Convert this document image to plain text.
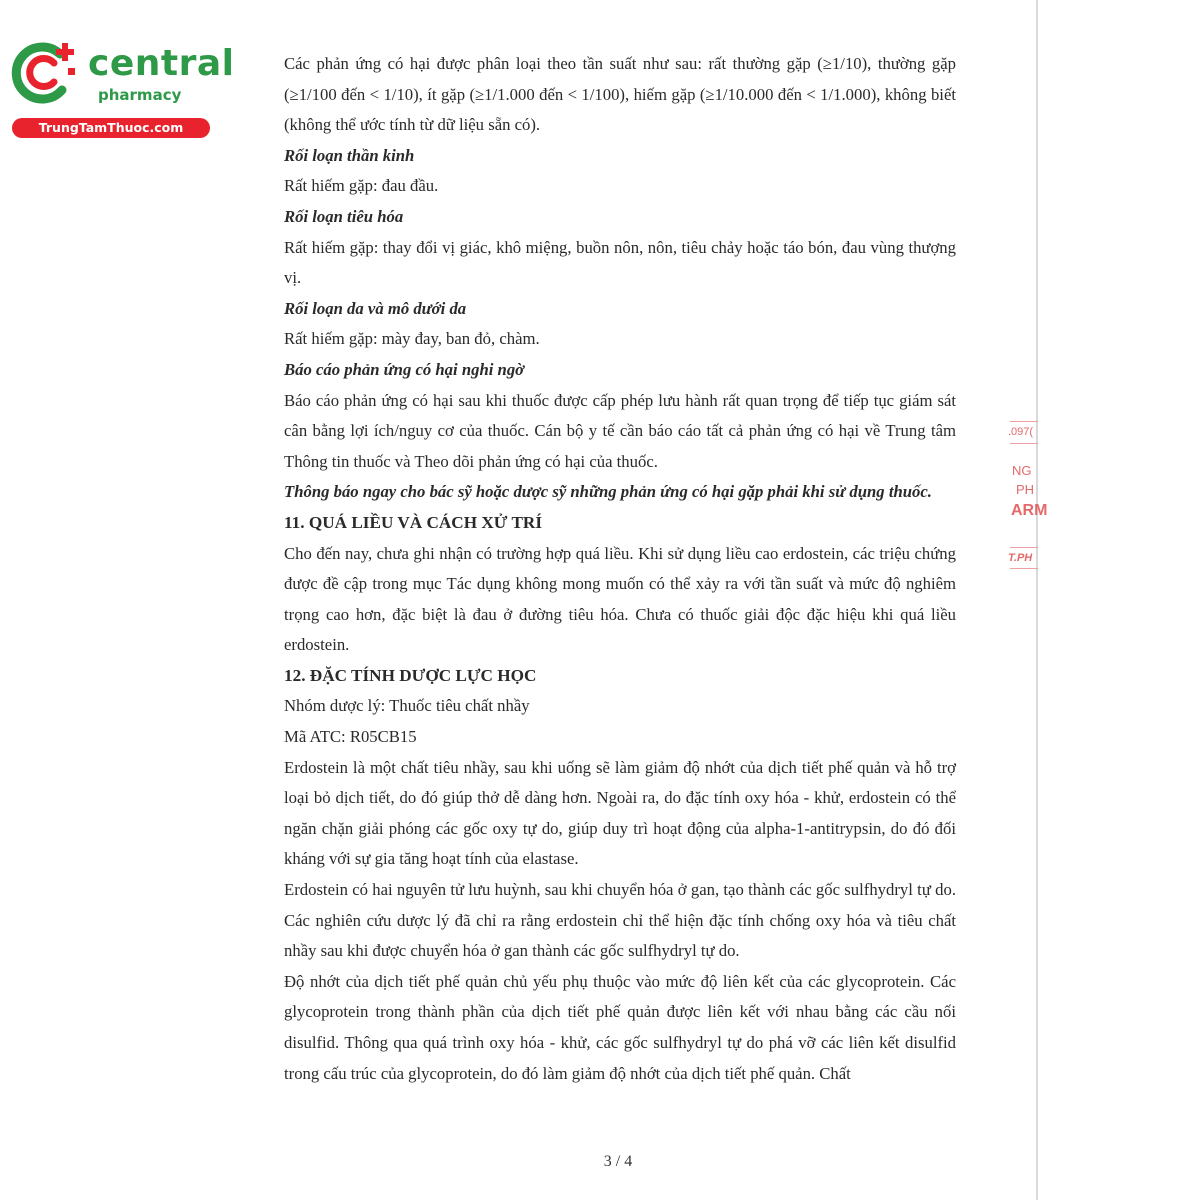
central
pharmacy
TrungTamThuoc.com
.097(
NG
PH
ARM
T.PH

Các phản ứng có hại được phân loại theo tần suất như sau: rất thường gặp (≥1/10), thường gặp (≥1/100 đến < 1/10), ít gặp (≥1/1.000 đến < 1/100), hiếm gặp (≥1/10.000 đến < 1/1.000), không biết (không thể ước tính từ dữ liệu sẵn có).

Rối loạn thần kinh

Rất hiếm gặp: đau đầu.

Rối loạn tiêu hóa

Rất hiếm gặp: thay đổi vị giác, khô miệng, buồn nôn, nôn, tiêu chảy hoặc táo bón, đau vùng thượng vị.

Rối loạn da và mô dưới da

Rất hiếm gặp: mày đay, ban đỏ, chàm.

Báo cáo phản ứng có hại nghi ngờ

Báo cáo phản ứng có hại sau khi thuốc được cấp phép lưu hành rất quan trọng để tiếp tục giám sát cân bằng lợi ích/nguy cơ của thuốc. Cán bộ y tế cần báo cáo tất cả phản ứng có hại về Trung tâm Thông tin thuốc và Theo dõi phản ứng có hại của thuốc.

Thông báo ngay cho bác sỹ hoặc dược sỹ những phản ứng có hại gặp phải khi sử dụng thuốc.

11. QUÁ LIỀU VÀ CÁCH XỬ TRÍ

Cho đến nay, chưa ghi nhận có trường hợp quá liều. Khi sử dụng liều cao erdostein, các triệu chứng được đề cập trong mục Tác dụng không mong muốn có thể xảy ra với tần suất và mức độ nghiêm trọng cao hơn, đặc biệt là đau ở đường tiêu hóa. Chưa có thuốc giải độc đặc hiệu khi quá liều erdostein.

12. ĐẶC TÍNH DƯỢC LỰC HỌC

Nhóm dược lý: Thuốc tiêu chất nhầy

Mã ATC: R05CB15

Erdostein là một chất tiêu nhầy, sau khi uống sẽ làm giảm độ nhớt của dịch tiết phế quản và hỗ trợ loại bỏ dịch tiết, do đó giúp thở dễ dàng hơn. Ngoài ra, do đặc tính oxy hóa - khử, erdostein có thể ngăn chặn giải phóng các gốc oxy tự do, giúp duy trì hoạt động của alpha-1-antitrypsin, do đó đối kháng với sự gia tăng hoạt tính của elastase.

Erdostein có hai nguyên tử lưu huỳnh, sau khi chuyển hóa ở gan, tạo thành các gốc sulfhydryl tự do. Các nghiên cứu dược lý đã chỉ ra rằng erdostein chỉ thể hiện đặc tính chống oxy hóa và tiêu chất nhầy sau khi được chuyển hóa ở gan thành các gốc sulfhydryl tự do.

Độ nhớt của dịch tiết phế quản chủ yếu phụ thuộc vào mức độ liên kết của các glycoprotein. Các glycoprotein trong thành phần của dịch tiết phế quản được liên kết với nhau bằng các cầu nối disulfid. Thông qua quá trình oxy hóa - khử, các gốc sulfhydryl tự do phá vỡ các liên kết disulfid trong cấu trúc của glycoprotein, do đó làm giảm độ nhớt của dịch tiết phế quản. Chất

3 / 4
